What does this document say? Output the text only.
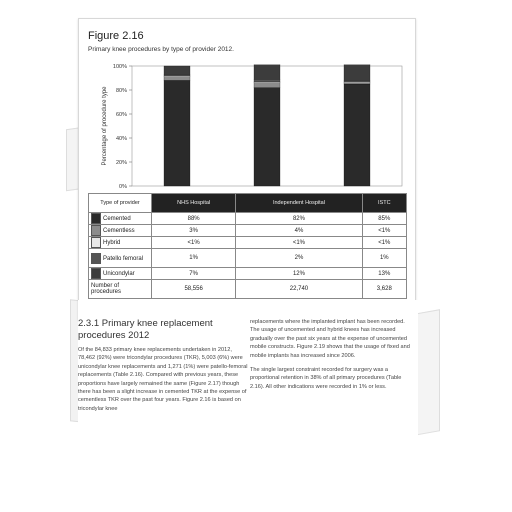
Figure 2.16
Primary knee procedures by type of provider 2012.
0%
20%
40%
60%
80%
100%
Percentage of procedure type
Type of provider	NHS Hospital	Independent Hospital	ISTC
Cemented	88%	82%	85%
Cementless	3%	4%	<1%
Hybrid	<1%	<1%	<1%
Patello femoral	1%	2%	1%
Unicondylar	7%	12%	13%
Number of procedures	58,556	22,740	3,628
2.3.1 Primary knee replacement procedures 2012
Of the 84,833 primary knee replacements undertaken in 2012, 78,462 (92%) were tricondylar procedures (TKR), 5,003 (6%) were unicondylar knee replacements and 1,271 (1%) were patello-femoral replacements (Table 2.16). Compared with previous years, these proportions have largely remained the same (Figure 2.17) though there has been a slight increase in cemented TKR at the expense of cementless TKR over the past four years. Figure 2.16 is based on tricondylar knee
replacements where the implanted implant has been recorded. The usage of uncemented and hybrid knees has increased gradually over the past six years at the expense of uncemented mobile constructs. Figure 2.19 shows that the usage of fixed and mobile implants has increased since 2006.
The single largest constraint recorded for surgery was a proportional retention in 38% of all primary procedures (Table 2.16). All other indications were recorded in 1% or less.
